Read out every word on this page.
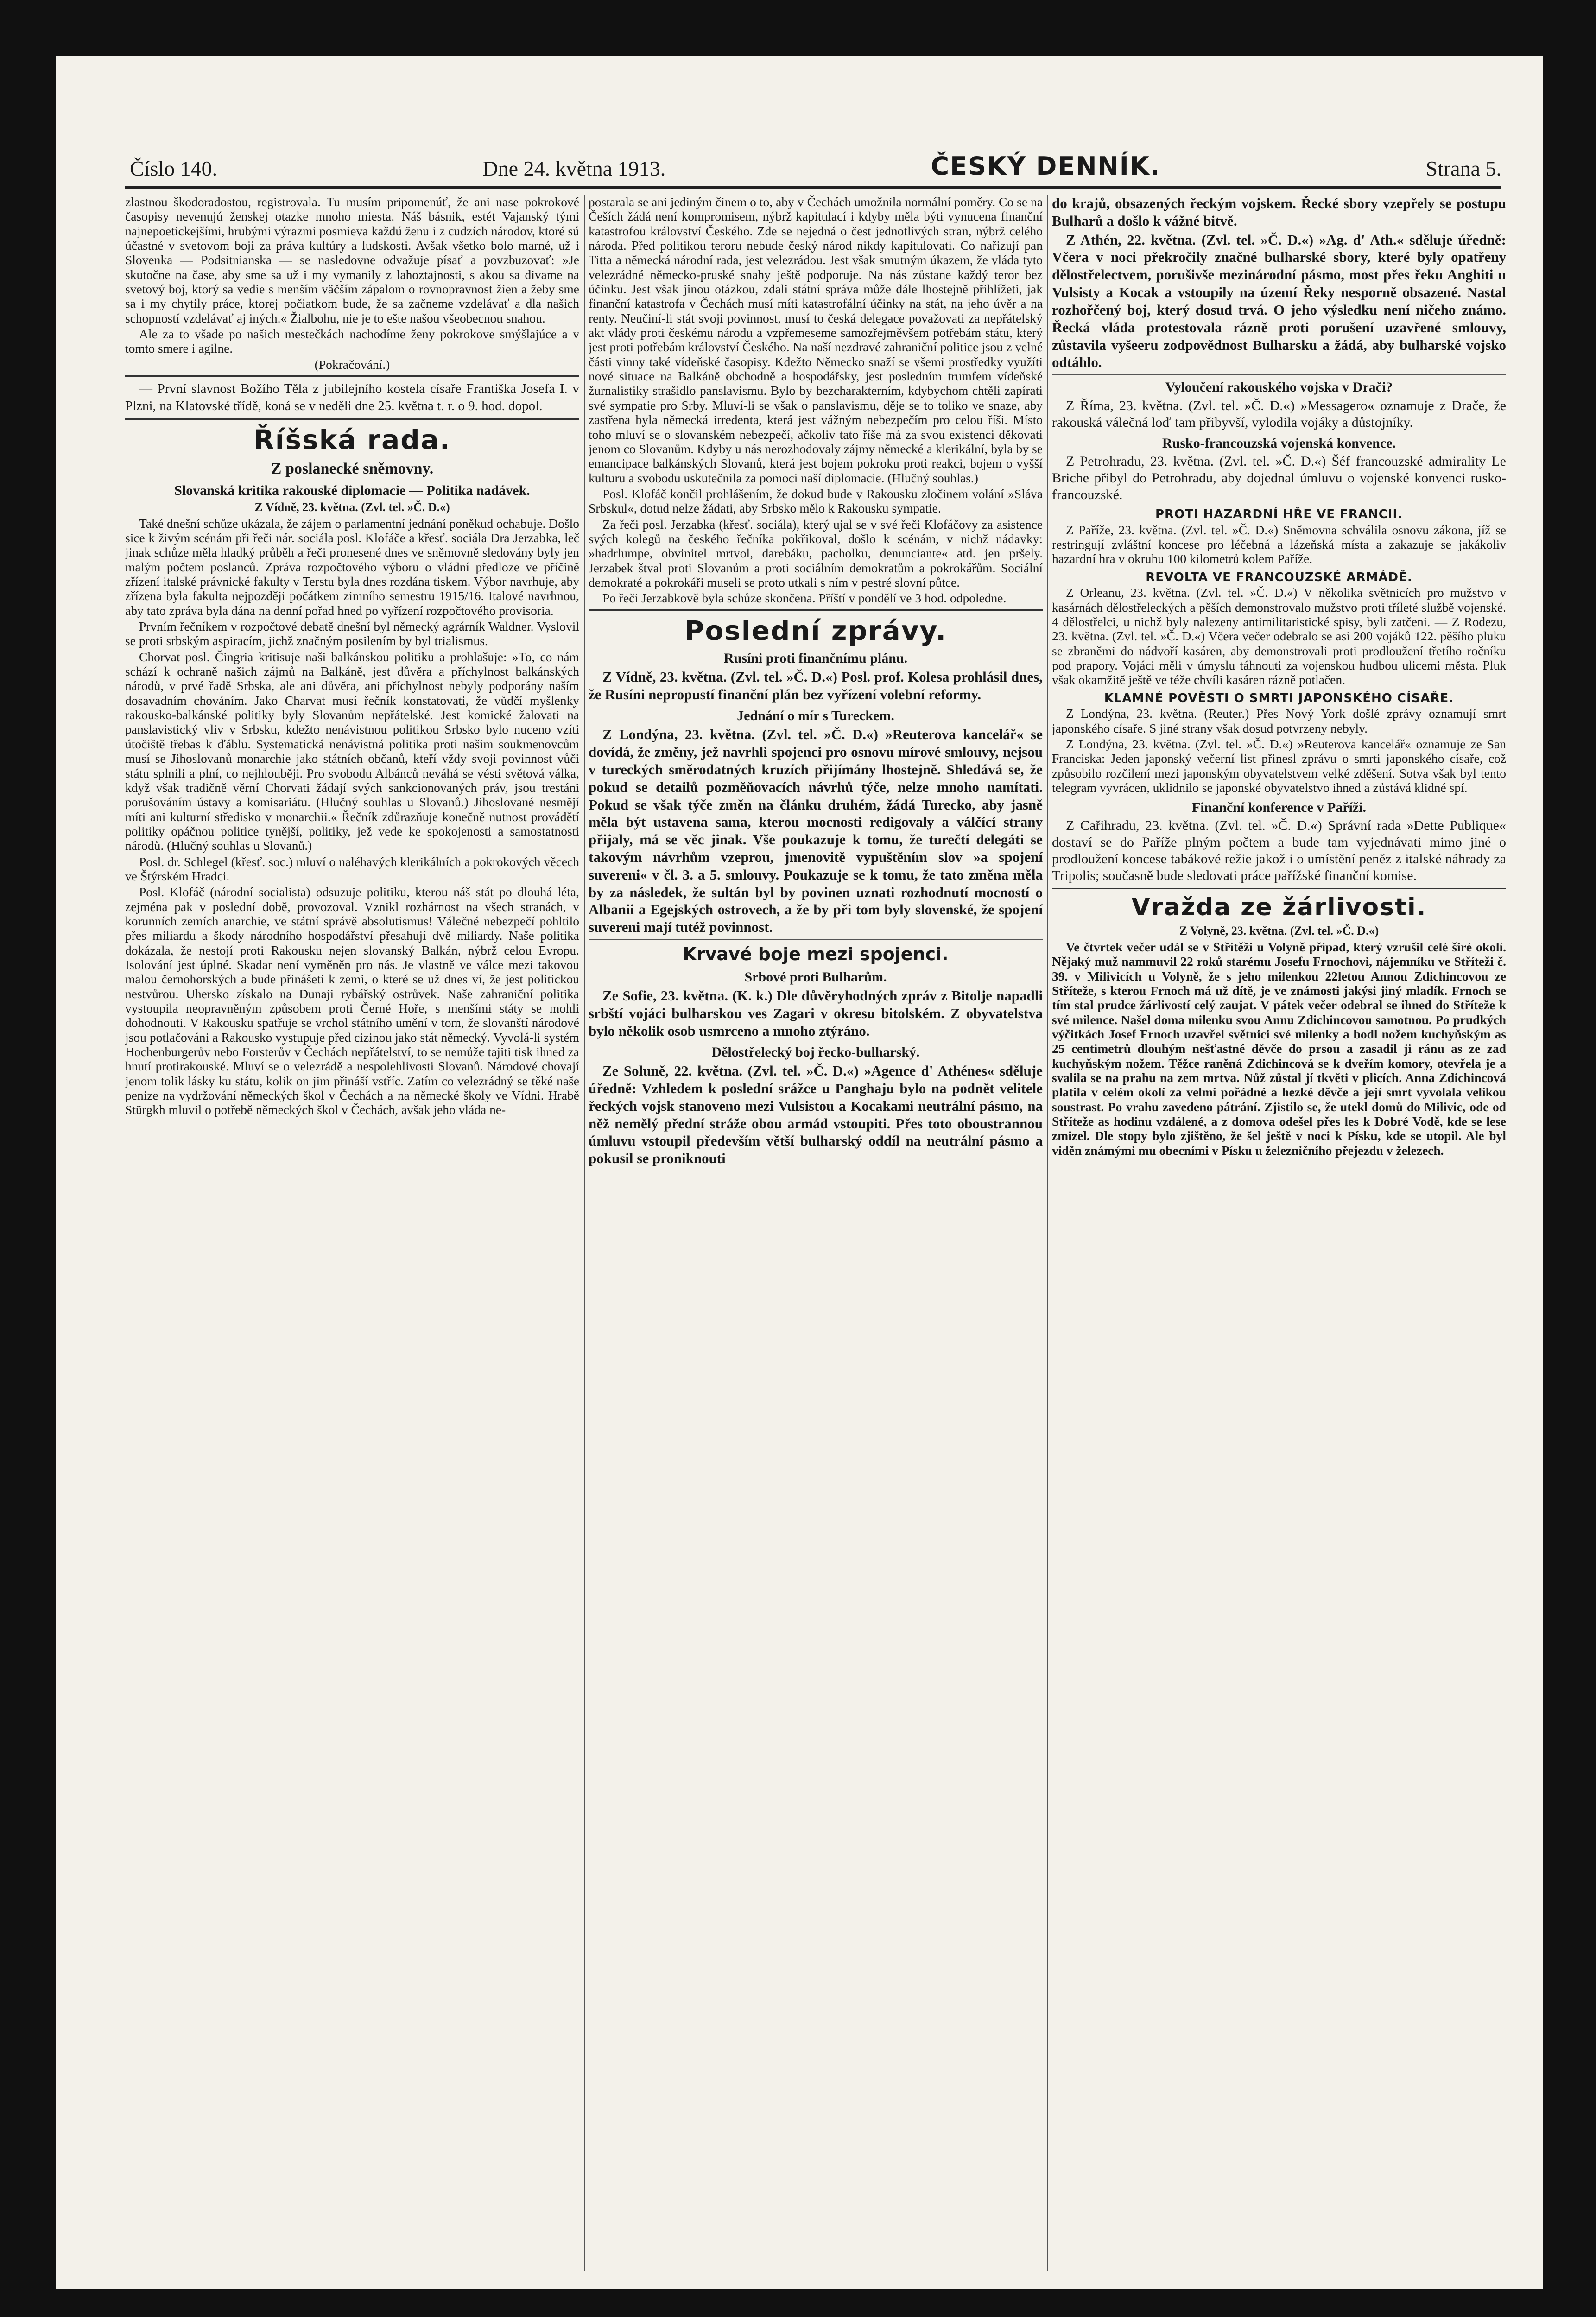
Číslo 140.	Dne 24. května 1913.	ČESKÝ DENNÍK.	Strana 5.

zlastnou škodoradostou, registrovala. Tu musím pripomenúť, že ani nase pokrokové časopisy nevenujú ženskej otazke mnoho miesta. Náš básnik, estét Vajanský tými najnepoetickejšími, hrubými výrazmi posmieva každú ženu i z cudzích národov, ktoré sú účastné v svetovom boji za práva kultúry a ludskosti. Avšak všetko bolo marné, už i Slovenka — Podsitnianska — se nasledovne odvažuje písať a povzbuzovať: »Je skutočne na čase, aby sme sa už i my vymanily z lahoztajnosti, s akou sa divame na svetový boj, ktorý sa vedie s menším väčším zápalom o rovnopravnost žien a žeby sme sa i my chytily práce, ktorej počiatkom bude, že sa začneme vzdelávať a dla našich schopností vzdelávať aj iných.« Žialbohu, nie je to ešte našou všeobecnou snahou.

Ale za to všade po našich mestečkách nachodíme ženy pokrokove smýšlajúce a v tomto smere i agilne.

(Pokračování.)

— První slavnost Božího Těla z jubilejního kostela císaře Františka Josefa I. v Plzni, na Klatovské třídě, koná se v neděli dne 25. května t. r. o 9. hod. dopol.

Říšská rada.

Z poslanecké sněmovny.

Slovanská kritika rakouské diplomacie — Politika nadávek.

Z Vídně, 23. května. (Zvl. tel. »Č. D.«)

Také dnešní schůze ukázala, že zájem o parlamentní jednání poněkud ochabuje. Došlo sice k živým scénám při řeči nár. sociála posl. Klofáče a křesť. sociála Dra Jerzabka, leč jinak schůze měla hladký průběh a řeči pronesené dnes ve sněmovně sledovány byly jen malým počtem poslanců. Zpráva rozpočtového výboru o vládní předloze ve příčině zřízení italské právnické fakulty v Terstu byla dnes rozdána tiskem. Výbor navrhuje, aby zřízena byla fakulta nejpozději počátkem zimního semestru 1915/16. Italové navrhnou, aby tato zpráva byla dána na denní pořad hned po vyřízení rozpočtového provisoria.

Prvním řečníkem v rozpočtové debatě dnešní byl německý agrárník Waldner. Vyslovil se proti srbským aspiracím, jichž značným posilením by byl trialismus.

Chorvat posl. Čingria kritisuje naši balkánskou politiku a prohlašuje: »To, co nám schází k ochraně našich zájmů na Balkáně, jest důvěra a příchylnost balkánských národů, v prvé řadě Srbska, ale ani důvěra, ani příchylnost nebyly podporány naším dosavadním chováním. Jako Charvat musí řečník konstatovati, že vůdčí myšlenky rakousko-balkánské politiky byly Slovanům nepřátelské. Jest komické žalovati na panslavistický vliv v Srbsku, kdežto nenávistnou politikou Srbsko bylo nuceno vzíti útočiště třebas k ďáblu. Systematická nenávistná politika proti našim soukmenovcům musí se Jihoslovanů monarchie jako státních občanů, kteří vždy svoji povinnost vůči státu splnili a plní, co nejhlouběji. Pro svobodu Albánců neváhá se vésti světová válka, když však tradičně věrní Chorvati žádají svých sankcionovaných práv, jsou trestáni porušováním ústavy a komisariátu. (Hlučný souhlas u Slovanů.) Jihoslované nesmějí míti ani kulturní středisko v monarchii.« Řečník zdůrazňuje konečně nutnost provádětí politiky opáčnou politice tynější, politiky, jež vede ke spokojenosti a samostatnosti národů. (Hlučný souhlas u Slovanů.)

Posl. dr. Schlegel (křesť. soc.) mluví o naléhavých klerikálních a pokrokových věcech ve Štýrském Hradci.

Posl. Klofáč (národní socialista) odsuzuje politiku, kterou náš stát po dlouhá léta, zejména pak v poslední době, provozoval. Vznikl rozhárnost na všech stranách, v korunních zemích anarchie, ve státní správě absolutismus! Válečné nebezpečí pohltilo přes miliardu a škody národního hospodářství přesahují dvě miliardy. Naše politika dokázala, že nestojí proti Rakousku nejen slovanský Balkán, nýbrž celou Evropu. Isolování jest úplné. Skadar není vyměněn pro nás. Je vlastně ve válce mezi takovou malou černohorských a bude přinášeti k zemi, o které se už dnes ví, že jest politickou nestvůrou. Uhersko získalo na Dunaji rybářský ostrůvek. Naše zahraniční politika vystoupila neopravněným způsobem proti Černé Hoře, s menšími státy se mohli dohodnouti. V Rakousku spatřuje se vrchol státního umění v tom, že slovanští národové jsou potlačováni a Rakousko vystupuje před cizinou jako stát německý. Vyvolá-li systém Hochenburgerův nebo Forsterův v Čechách nepřátelství, to se nemůže tajiti tisk ihned za hnutí protirakouské. Mluví se o velezrádě a nespolehlivosti Slovanů. Národové chovají jenom tolik lásky ku státu, kolik on jim přináší vstříc. Zatím co velezrádný se těké naše penize na vydržování německých škol v Čechách a na německé školy ve Vídni. Hrabě Stürgkh mluvil o potřebě německých škol v Čechách, avšak jeho vláda ne-

postarala se ani jediným činem o to, aby v Čechách umožnila normální poměry. Co se na Češích žádá není kompromisem, nýbrž kapitulací i kdyby měla býti vynucena finanční katastrofou království Českého. Zde se nejedná o čest jednotlivých stran, nýbrž celého národa. Před politikou teroru nebude český národ nikdy kapitulovati. Co nařizují pan Titta a německá národní rada, jest velezrádou. Jest však smutným úkazem, že vláda tyto velezrádné německo-pruské snahy ještě podporuje. Na nás zůstane každý teror bez účinku. Jest však jinou otázkou, zdali státní správa může dále lhostejně přihlížeti, jak finanční katastrofa v Čechách musí míti katastrofální účinky na stát, na jeho úvěr a na renty. Neučiní-li stát svoji povinnost, musí to česká delegace považovati za nepřátelský akt vlády proti českému národu a vzpřemeseme samozřejměvšem potřebám státu, který jest proti potřebám království Českého. Na naší nezdravé zahraniční politice jsou z velné části vinny také vídeňské časopisy. Kdežto Německo snaží se všemi prostředky využíti nové situace na Balkáně obchodně a hospodářsky, jest posledním trumfem vídeňské žurnalistiky strašidlo panslavismu. Bylo by bezcharakterním, kdybychom chtěli zapírati své sympatie pro Srby. Mluví-li se však o panslavismu, děje se to toliko ve snaze, aby zastřena byla německá irredenta, která jest vážným nebezpečím pro celou říši. Místo toho mluví se o slovanském nebezpečí, ačkoliv tato říše má za svou existenci děkovati jenom co Slovanům. Kdyby u nás nerozhodovaly zájmy německé a klerikální, byla by se emancipace balkánských Slovanů, která jest bojem pokroku proti reakci, bojem o vyšší kulturu a svobodu uskutečnila za pomoci naší diplomacie. (Hlučný souhlas.)

Posl. Klofáč končil prohlášením, že dokud bude v Rakousku zločinem volání »Sláva Srbskul«, dotud nelze žádati, aby Srbsko mělo k Rakousku sympatie.

Za řeči posl. Jerzabka (křesť. sociála), který ujal se v své řeči Klofáčovy za asistence svých kolegů na českého řečníka pokřikoval, došlo k scénám, v nichž nádavky: »hadrlumpe, obvinitel mrtvol, darebáku, pacholku, denunciante« atd. jen pršely. Jerzabek štval proti Slovanům a proti sociálním demokratům a pokrokářům. Sociální demokraté a pokrokáři museli se proto utkali s ním v pestré slovní půtce.

Po řeči Jerzabkově byla schůze skončena. Příští v pondělí ve 3 hod. odpoledne.

Poslední zprávy.

Rusíni proti finančnímu plánu.

Z Vídně, 23. května. (Zvl. tel. »Č. D.«) Posl. prof. Kolesa prohlásil dnes, že Rusíni nepropustí finanční plán bez vyřízení volební reformy.

Jednání o mír s Tureckem.

Z Londýna, 23. května. (Zvl. tel. »Č. D.«) »Reuterova kancelář« se dovídá, že změny, jež navrhli spojenci pro osnovu mírové smlouvy, nejsou v tureckých směrodatných kruzích přijímány lhostejně. Shledává se, že pokud se detailů pozměňovacích návrhů týče, nelze mnoho namítati. Pokud se však týče změn na článku druhém, žádá Turecko, aby jasně měla být ustavena sama, kterou mocnosti redigovaly a válčící strany přijaly, má se věc jinak. Vše poukazuje k tomu, že turečtí delegáti se takovým návrhům vzeprou, jmenovitě vypuštěním slov »a spojení suvereni« v čl. 3. a 5. smlouvy. Poukazuje se k tomu, že tato změna měla by za následek, že sultán byl by povinen uznati rozhodnutí mocností o Albanii a Egejských ostrovech, a že by při tom byly slovenské, že spojení suvereni mají tutéž povinnost.

Krvavé boje mezi spojenci.

Srbové proti Bulharům.

Ze Sofie, 23. května. (K. k.) Dle důvěryhodných zpráv z Bitolje napadli srbští vojáci bulharskou ves Zagari v okresu bitolském. Z obyvatelstva bylo několik osob usmrceno a mnoho ztýráno.

Dělostřelecký boj řecko-bulharský.

Ze Soluně, 22. května. (Zvl. tel. »Č. D.«) »Agence d' Athénes« sděluje úředně: Vzhledem k poslední srážce u Panghaju bylo na podnět velitele řeckých vojsk stanoveno mezi Vulsistou a Kocakami neutrální pásmo, na něž nemělý přední stráže obou armád vstoupiti. Přes toto oboustrannou úmluvu vstoupil především větší bulharský oddíl na neutrální pásmo a pokusil se proniknouti

do krajů, obsazených řeckým vojskem. Řecké sbory vzepřely se postupu Bulharů a došlo k vážné bitvě.

Z Athén, 22. května. (Zvl. tel. »Č. D.«) »Ag. d' Ath.« sděluje úředně: Včera v noci překročily značné bulharské sbory, které byly opatřeny dělostřelectvem, porušivše mezinárodní pásmo, most přes řeku Anghiti u Vulsisty a Kocak a vstoupily na území Řeky nesporně obsazené. Nastal rozhořčený boj, který dosud trvá. O jeho výsledku není ničeho známo. Řecká vláda protestovala rázně proti porušení uzavřené smlouvy, zůstavila vyšeeru zodpovědnost Bulharsku a žádá, aby bulharské vojsko odtáhlo.

Vyloučení rakouského vojska v Drači?

Z Říma, 23. května. (Zvl. tel. »Č. D.«) »Messagero« oznamuje z Drače, že rakouská válečná loď tam přibyvší, vylodila vojáky a důstojníky.

Rusko-francouzská vojenská konvence.

Z Petrohradu, 23. května. (Zvl. tel. »Č. D.«) Šéf francouzské admirality Le Briche přibyl do Petrohradu, aby dojednal úmluvu o vojenské konvenci rusko-francouzské.

PROTI HAZARDNÍ HŘE VE FRANCII.

Z Paříže, 23. května. (Zvl. tel. »Č. D.«) Sněmovna schválila osnovu zákona, jíž se restringují zvláštní koncese pro léčebná a lázeňská místa a zakazuje se jakákoliv hazardní hra v okruhu 100 kilometrů kolem Paříže.

REVOLTA VE FRANCOUZSKÉ ARMÁDĚ.

Z Orleanu, 23. května. (Zvl. tel. »Č. D.«) V několika světnicích pro mužstvo v kasárnách dělostřeleckých a pěších demonstrovalo mužstvo proti tříleté službě vojenské. 4 dělostřelci, u nichž byly nalezeny antimilitaristické spisy, byli zatčeni. — Z Rodezu, 23. května. (Zvl. tel. »Č. D.«) Včera večer odebralo se asi 200 vojáků 122. pěšího pluku se zbraněmi do nádvoří kasáren, aby demonstrovali proti prodloužení třetího ročníku pod prapory. Vojáci měli v úmyslu táhnouti za vojenskou hudbou ulicemi města. Pluk však okamžitě ještě ve téže chvíli kasáren rázně potlačen.

KLAMNÉ POVĚSTI O SMRTI JAPONSKÉHO CÍSAŘE.

Z Londýna, 23. května. (Reuter.) Přes Nový York došlé zprávy oznamují smrt japonského císaře. S jiné strany však dosud potvrzeny nebyly.

Z Londýna, 23. května. (Zvl. tel. »Č. D.«) »Reuterova kancelář« oznamuje ze San Franciska: Jeden japonský večerní list přinesl zprávu o smrti japonského císaře, což způsobilo rozčilení mezi japonským obyvatelstvem velké zděšení. Sotva však byl tento telegram vyvrácen, uklidnilo se japonské obyvatelstvo ihned a zůstává klidné spí.

Finanční konference v Paříži.

Z Cařihradu, 23. května. (Zvl. tel. »Č. D.«) Správní rada »Dette Publique« dostaví se do Paříže plným počtem a bude tam vyjednávati mimo jiné o prodloužení koncese tabákové režie jakož i o umístění peněz z italské náhrady za Tripolis; současně bude sledovati práce pařížské finanční komise.

Vražda ze žárlivosti.

Z Volyně, 23. května. (Zvl. tel. »Č. D.«)

Ve čtvrtek večer udál se v Střítěži u Volyně případ, který vzrušil celé širé okolí. Nějaký muž nammuvil 22 roků starému Josefu Frnochovi, nájemníku ve Stříteži č. 39. v Milivicích u Volyně, že s jeho milenkou 22letou Annou Zdichincovou ze Stříteže, s kterou Frnoch má už dítě, je ve známosti jakýsi jiný mladík. Frnoch se tím stal prudce žárlivostí celý zaujat. V pátek večer odebral se ihned do Stříteže k své milence. Našel doma milenku svou Annu Zdichincovou samotnou. Po prudkých výčitkách Josef Frnoch uzavřel světnici své milenky a bodl nožem kuchyňským as 25 centimetrů dlouhým nešťastné děvče do prsou a zasadil ji ránu as ze zad kuchyňským nožem. Těžce raněná Zdichincová se k dveřím komory, otevřela je a svalila se na prahu na zem mrtva. Nůž zůstal jí tkvěti v plicích. Anna Zdichincová platila v celém okolí za velmi pořádné a hezké děvče a její smrt vyvolala velikou soustrast. Po vrahu zavedeno pátrání. Zjistilo se, že utekl domů do Milivic, ode od Stříteže as hodinu vzdálené, a z domova odešel přes les k Dobré Vodě, kde se lese zmizel. Dle stopy bylo zjištěno, že šel ještě v noci k Písku, kde se utopil. Ale byl viděn známými mu obecními v Písku u železničního přejezdu v železech.
